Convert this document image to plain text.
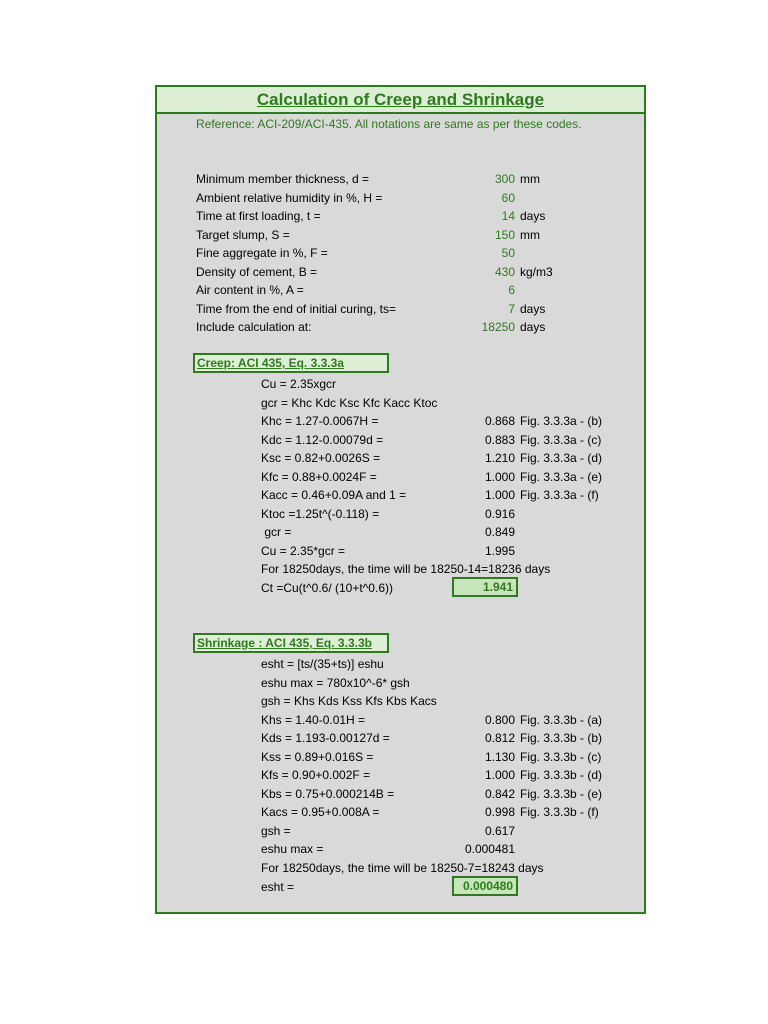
Calculation of Creep and Shrinkage
Reference: ACI-209/ACI-435. All notations are same as per these codes.
Minimum member thickness, d =	300 mm
Ambient relative humidity in %, H =	60
Time at first loading, t =	14 days
Target slump, S =	150 mm
Fine aggregate in %, F =	50
Density of cement, B =	430 kg/m3
Air content in %, A =	6
Time from the end of initial curing, ts=	7 days
Include calculation at:	18250 days
Creep: ACI 435, Eq. 3.3.3a
Cu = 2.35xgcr
gcr = Khc Kdc Ksc Kfc Kacc Ktoc
Khc = 1.27-0.0067H =	0.868 Fig. 3.3.3a - (b)
Kdc = 1.12-0.00079d =	0.883 Fig. 3.3.3a - (c)
Ksc = 0.82+0.0026S =	1.210 Fig. 3.3.3a - (d)
Kfc = 0.88+0.0024F =	1.000 Fig. 3.3.3a - (e)
Kacc = 0.46+0.09A and 1 =	1.000 Fig. 3.3.3a - (f)
Ktoc =1.25t^(-0.118) =	0.916
gcr =	0.849
Cu = 2.35*gcr =	1.995
For 18250days, the time will be 18250-14=18236 days
Ct =Cu(t^0.6/ (10+t^0.6))	1.941
Shrinkage : ACI 435, Eq. 3.3.3b
esht = [ts/(35+ts)] eshu
eshu max = 780x10^-6* gsh
gsh = Khs Kds Kss Kfs Kbs Kacs
Khs = 1.40-0.01H =	0.800 Fig. 3.3.3b - (a)
Kds = 1.193-0.00127d =	0.812 Fig. 3.3.3b - (b)
Kss = 0.89+0.016S =	1.130 Fig. 3.3.3b - (c)
Kfs = 0.90+0.002F =	1.000 Fig. 3.3.3b - (d)
Kbs = 0.75+0.000214B =	0.842 Fig. 3.3.3b - (e)
Kacs = 0.95+0.008A =	0.998 Fig. 3.3.3b - (f)
gsh =	0.617
eshu max =	0.000481
For 18250days, the time will be 18250-7=18243 days
esht =	0.000480
